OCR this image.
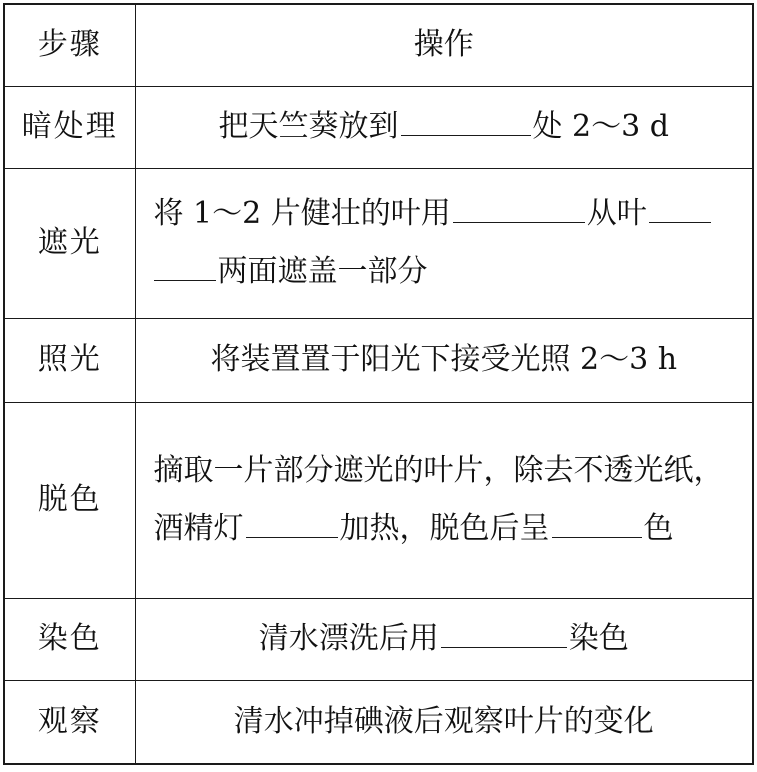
步骤	操作
暗处理	把天竺葵放到 处 2～3 d
遮光	将 1～2 片健壮的叶用 从叶
两面遮盖一部分

照光	将装置置于阳光下接受光照 2～3 h
脱色	摘取一片部分遮光的叶片，除去不透光纸，
酒精灯 加热，脱色后呈 色

染色	清水漂洗后用 染色
观察	清水冲掉碘液后观察叶片的变化
